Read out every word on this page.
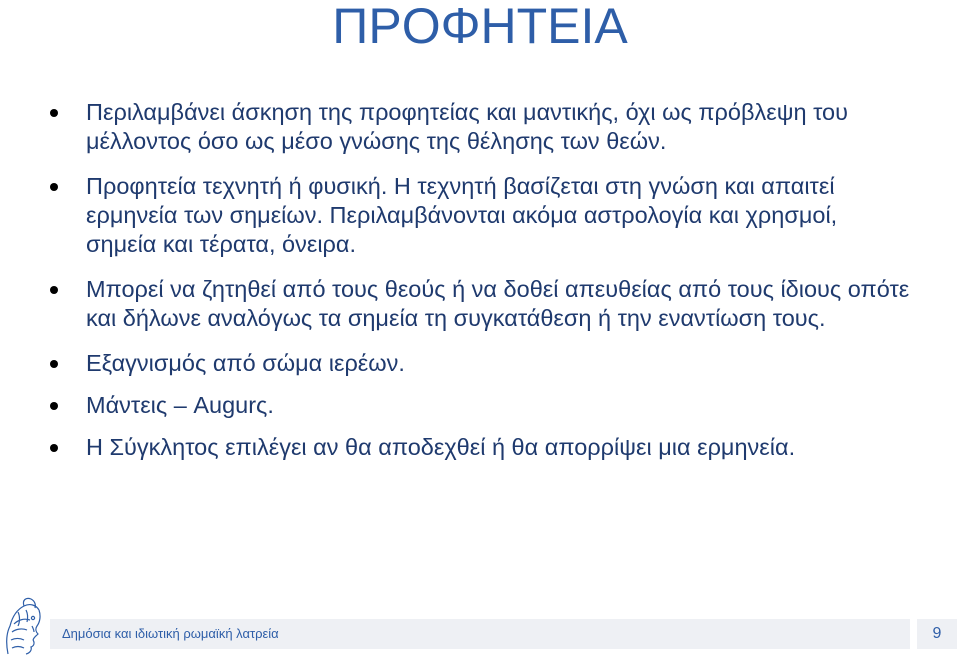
ΠΡΟΦΗΤΕΙΑ
Περιλαμβάνει άσκηση της προφητείας και μαντικής, όχι ως πρόβλεψη του μέλλοντος όσο ως μέσο γνώσης της θέλησης των θεών.
Προφητεία τεχνητή ή φυσική. Η τεχνητή βασίζεται στη γνώση και απαιτεί ερμηνεία των σημείων. Περιλαμβάνονται ακόμα αστρολογία και χρησμοί, σημεία και τέρατα, όνειρα.
Μπορεί να ζητηθεί από τους θεούς ή να δοθεί απευθείας από τους ίδιους οπότε και δήλωνε αναλόγως τα σημεία τη συγκατάθεση ή την εναντίωση τους.
Εξαγνισμός από σώμα ιερέων.
Μάντεις – Augurς.
Η Σύγκλητος επιλέγει αν θα αποδεχθεί ή θα απορρίψει μια ερμηνεία.
Δημόσια και ιδιωτική ρωμαϊκή λατρεία	9
